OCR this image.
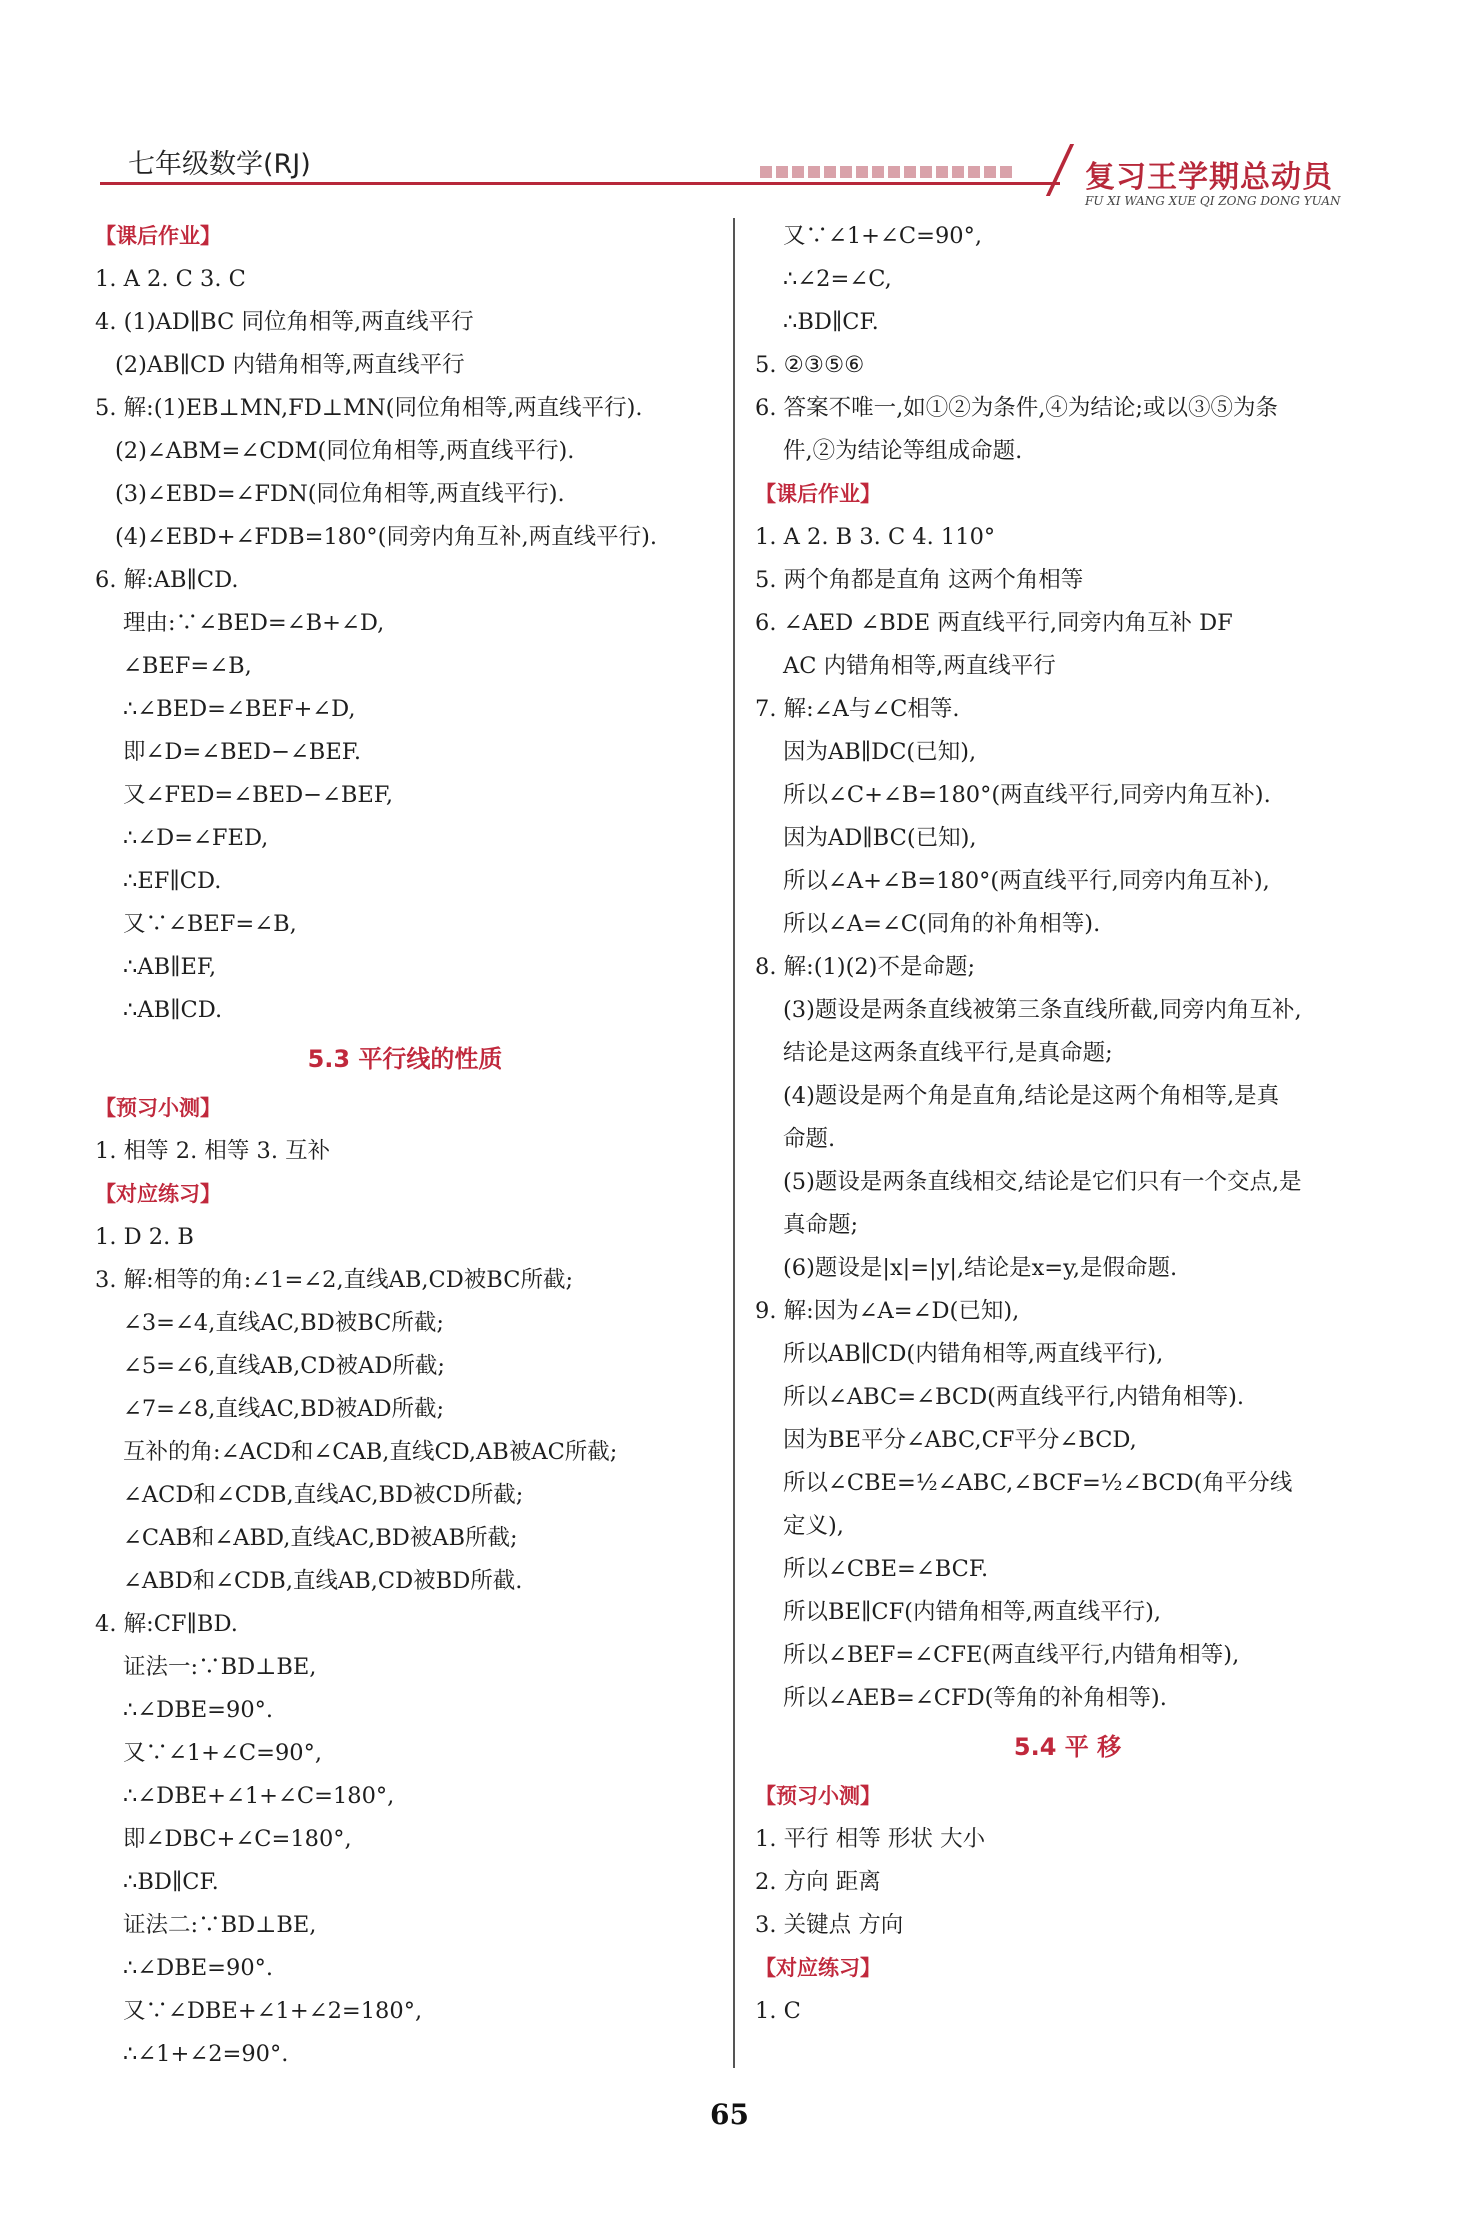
七年级数学(RJ)	复习王学期总动员
FU XI WANG XUE QI ZONG DONG YUAN
【课后作业】
1. A 2. C 3. C
4. (1)AD∥BC 同位角相等,两直线平行
(2)AB∥CD 内错角相等,两直线平行
5. 解:(1)EB⊥MN,FD⊥MN(同位角相等,两直线平行).
(2)∠ABM=∠CDM(同位角相等,两直线平行).
(3)∠EBD=∠FDN(同位角相等,两直线平行).
(4)∠EBD+∠FDB=180°(同旁内角互补,两直线平行).
6. 解:AB∥CD.
理由:∵∠BED=∠B+∠D,
∠BEF=∠B,
∴∠BED=∠BEF+∠D,
即∠D=∠BED−∠BEF.
又∠FED=∠BED−∠BEF,
∴∠D=∠FED,
∴EF∥CD.
又∵∠BEF=∠B,
∴AB∥EF,
∴AB∥CD.
5.3 平行线的性质
【预习小测】
1. 相等 2. 相等 3. 互补
【对应练习】
1. D 2. B
3. 解:相等的角:∠1=∠2,直线AB,CD被BC所截;
∠3=∠4,直线AC,BD被BC所截;
∠5=∠6,直线AB,CD被AD所截;
∠7=∠8,直线AC,BD被AD所截;
互补的角:∠ACD和∠CAB,直线CD,AB被AC所截;
∠ACD和∠CDB,直线AC,BD被CD所截;
∠CAB和∠ABD,直线AC,BD被AB所截;
∠ABD和∠CDB,直线AB,CD被BD所截.
4. 解:CF∥BD.
证法一:∵BD⊥BE,
∴∠DBE=90°.
又∵∠1+∠C=90°,
∴∠DBE+∠1+∠C=180°,
即∠DBC+∠C=180°,
∴BD∥CF.
证法二:∵BD⊥BE,
∴∠DBE=90°.
又∵∠DBE+∠1+∠2=180°,
∴∠1+∠2=90°.
又∵∠1+∠C=90°,
∴∠2=∠C,
∴BD∥CF.
5. ②③⑤⑥
6. 答案不唯一,如①②为条件,④为结论;或以③⑤为条
件,②为结论等组成命题.
【课后作业】
1. A 2. B 3. C 4. 110°
5. 两个角都是直角 这两个角相等
6. ∠AED ∠BDE 两直线平行,同旁内角互补 DF
AC 内错角相等,两直线平行
7. 解:∠A与∠C相等.
因为AB∥DC(已知),
所以∠C+∠B=180°(两直线平行,同旁内角互补).
因为AD∥BC(已知),
所以∠A+∠B=180°(两直线平行,同旁内角互补),
所以∠A=∠C(同角的补角相等).
8. 解:(1)(2)不是命题;
(3)题设是两条直线被第三条直线所截,同旁内角互补,
结论是这两条直线平行,是真命题;
(4)题设是两个角是直角,结论是这两个角相等,是真
命题.
(5)题设是两条直线相交,结论是它们只有一个交点,是
真命题;
(6)题设是|x|=|y|,结论是x=y,是假命题.
9. 解:因为∠A=∠D(已知),
所以AB∥CD(内错角相等,两直线平行),
所以∠ABC=∠BCD(两直线平行,内错角相等).
因为BE平分∠ABC,CF平分∠BCD,
所以∠CBE=½∠ABC,∠BCF=½∠BCD(角平分线
定义),
所以∠CBE=∠BCF.
所以BE∥CF(内错角相等,两直线平行),
所以∠BEF=∠CFE(两直线平行,内错角相等),
所以∠AEB=∠CFD(等角的补角相等).
5.4 平 移
【预习小测】
1. 平行 相等 形状 大小
2. 方向 距离
3. 关键点 方向
【对应练习】
1. C
65
